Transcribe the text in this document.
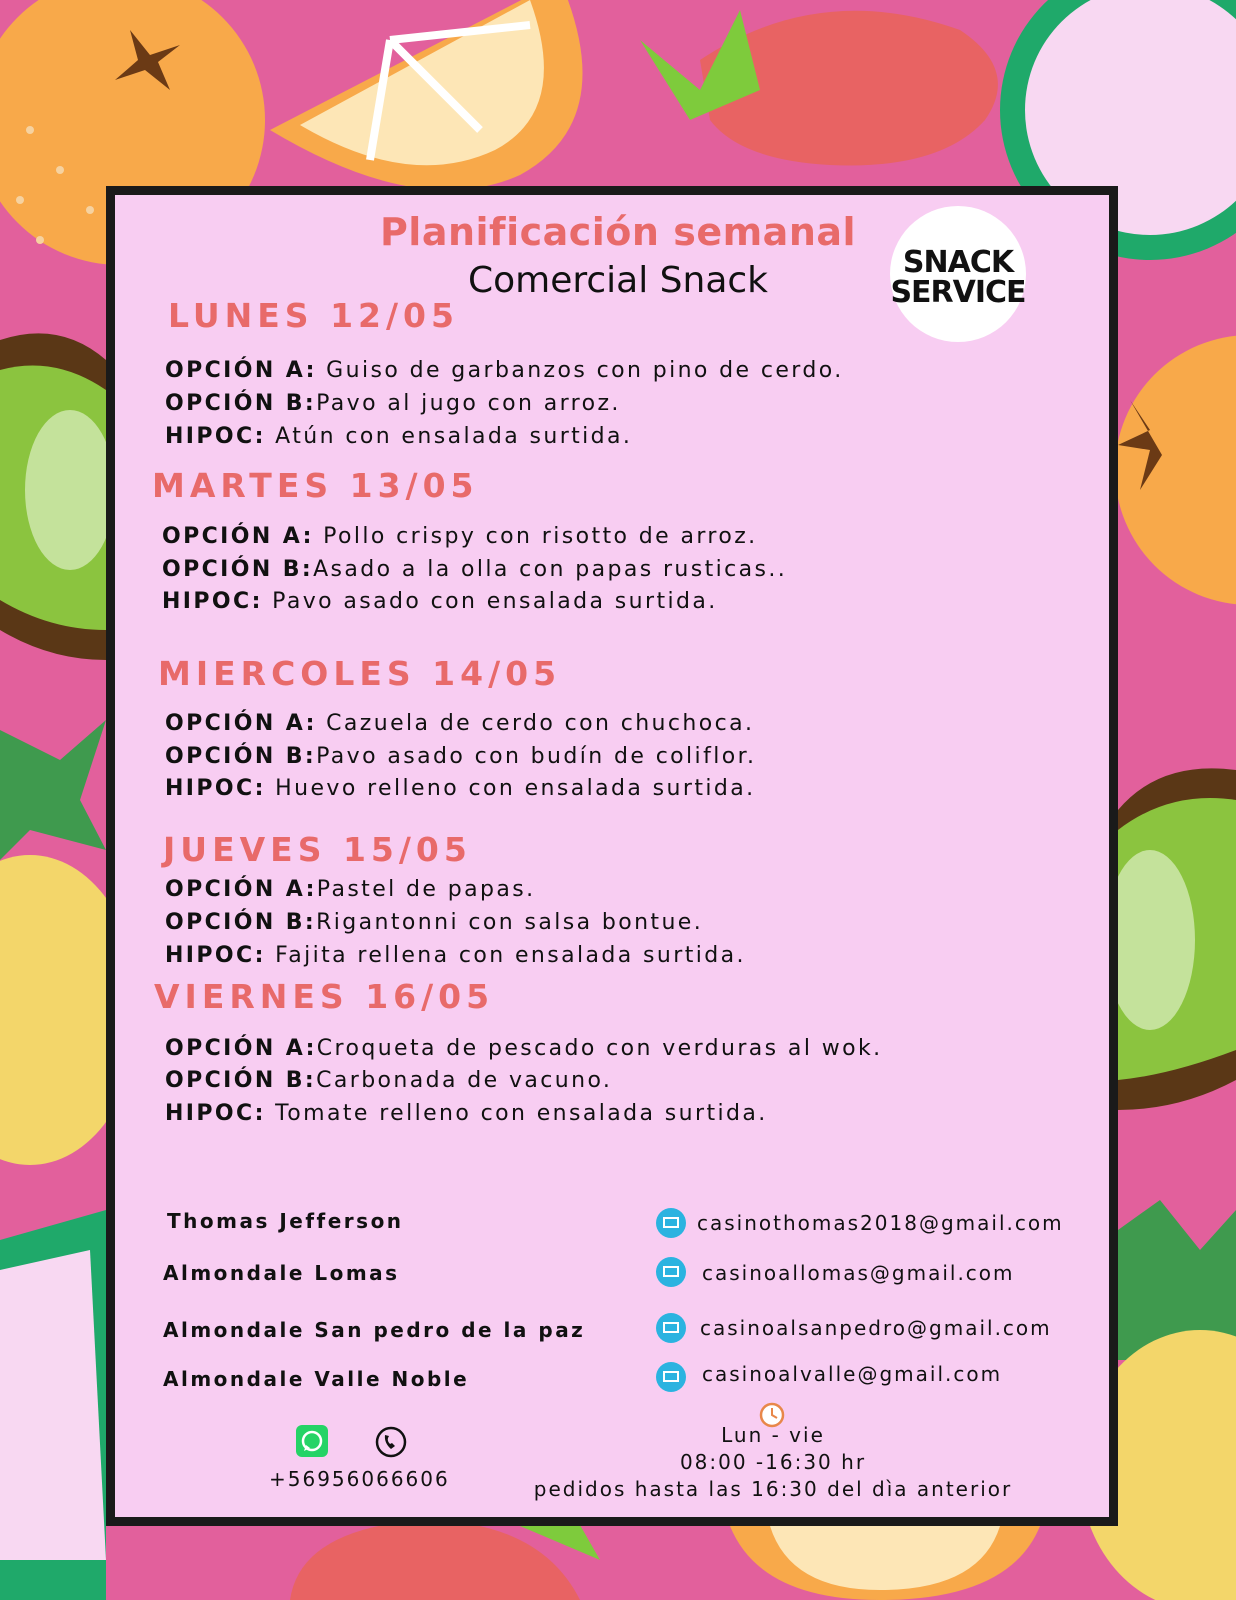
Planificación semanal
Comercial Snack	SNACK
SERVICE
LUNES 12/05
OPCIÓN A: Guiso de garbanzos con pino de cerdo.
OPCIÓN B:Pavo al jugo con arroz.
HIPOC: Atún con ensalada surtida.
MARTES 13/05
OPCIÓN A: Pollo crispy con risotto de arroz.
OPCIÓN B:Asado a la olla con papas rusticas..
HIPOC: Pavo asado con ensalada surtida.
MIERCOLES 14/05
OPCIÓN A: Cazuela de cerdo con chuchoca.
OPCIÓN B:Pavo asado con budín de coliflor.
HIPOC: Huevo relleno con ensalada surtida.
JUEVES 15/05
OPCIÓN A:Pastel de papas.
OPCIÓN B:Rigantonni con salsa bontue.
HIPOC: Fajita rellena con ensalada surtida.
VIERNES 16/05
OPCIÓN A:Croqueta de pescado con verduras al wok.
OPCIÓN B:Carbonada de vacuno.
HIPOC: Tomate relleno con ensalada surtida.
Thomas Jefferson
Almondale Lomas
Almondale San pedro de la paz
Almondale Valle Noble
casinothomas2018@gmail.com
casinoallomas@gmail.com
casinoalsanpedro@gmail.com
casinoalvalle@gmail.com
+56956066606
Lun - vie
08:00 -16:30 hr
pedidos hasta las 16:30 del dìa anterior
